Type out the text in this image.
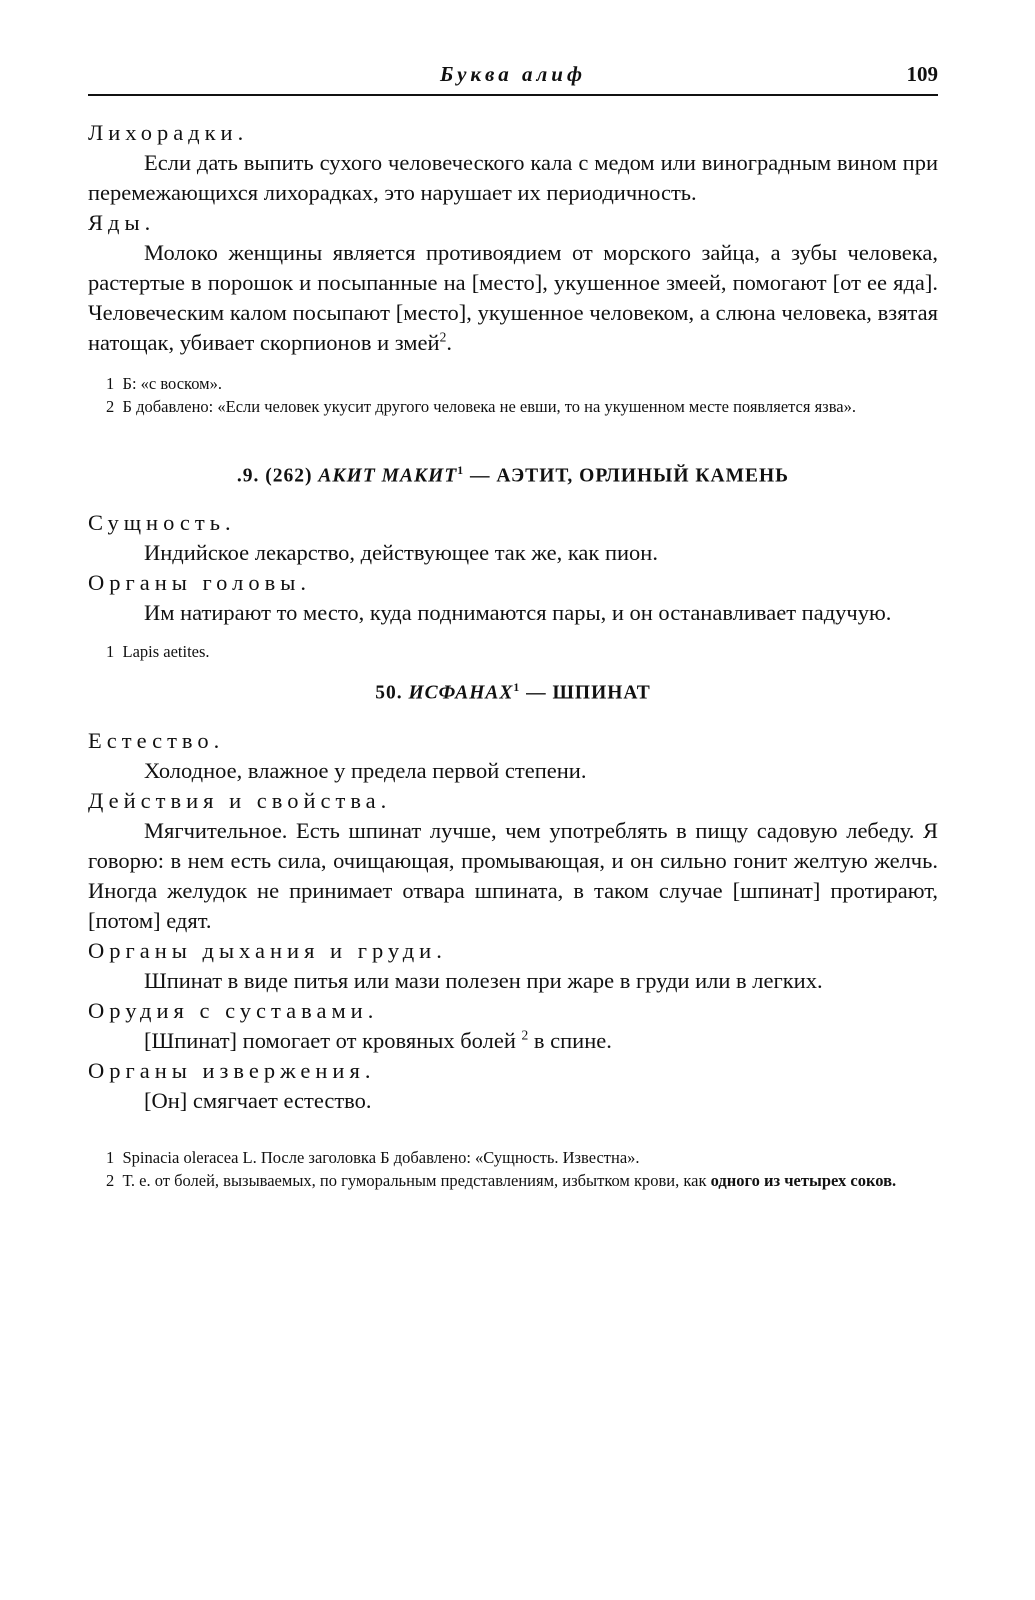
Буква алиф	109

Лихорадки.

Если дать выпить сухого человеческого кала с медом или виноградным вином при перемежающихся лихорадках, это нарушает их периодичность.

Яды.

Молоко женщины является противоядием от морского зайца, а зубы человека, растертые в порошок и посыпанные на [место], укушенное змеей, помогают [от ее яда]. Человеческим калом посыпают [место], укушенное человеком, а слюна человека, взятая натощак, убивает скорпионов и змей$^2$.

1 Б: «с воском».

2 Б добавлено: «Если человек укусит другого человека не евши, то на укушенном месте появляется язва».

.9. (262) АКИТ МАКИТ$^1$ — АЭТИТ, ОРЛИНЫЙ КАМЕНЬ

Сущность.

Индийское лекарство, действующее так же, как пион.

Органы головы.

Им натирают то место, куда поднимаются пары, и он останавливает падучую.

1 Lapis aetites.

50. ИСФАНАХ$^1$ — ШПИНАТ

Естество.

Холодное, влажное у предела первой степени.

Действия и свойства.

Мягчительное. Есть шпинат лучше, чем употреблять в пищу садовую лебеду. Я говорю: в нем есть сила, очищающая, промывающая, и он сильно гонит желтую желчь. Иногда желудок не принимает отвара шпината, в таком случае [шпинат] протирают, [потом] едят.

Органы дыхания и груди.

Шпинат в виде питья или мази полезен при жаре в груди или в легких.

Орудия с суставами.

[Шпинат] помогает от кровяных болей $^2$ в спине.

Органы извержения.

[Он] смягчает естество.

1 Spinacia oleracea L. После заголовка Б добавлено: «Сущность. Известна».

2 Т. е. от болей, вызываемых, по гуморальным представлениям, избытком крови, как одного из четырех соков.
